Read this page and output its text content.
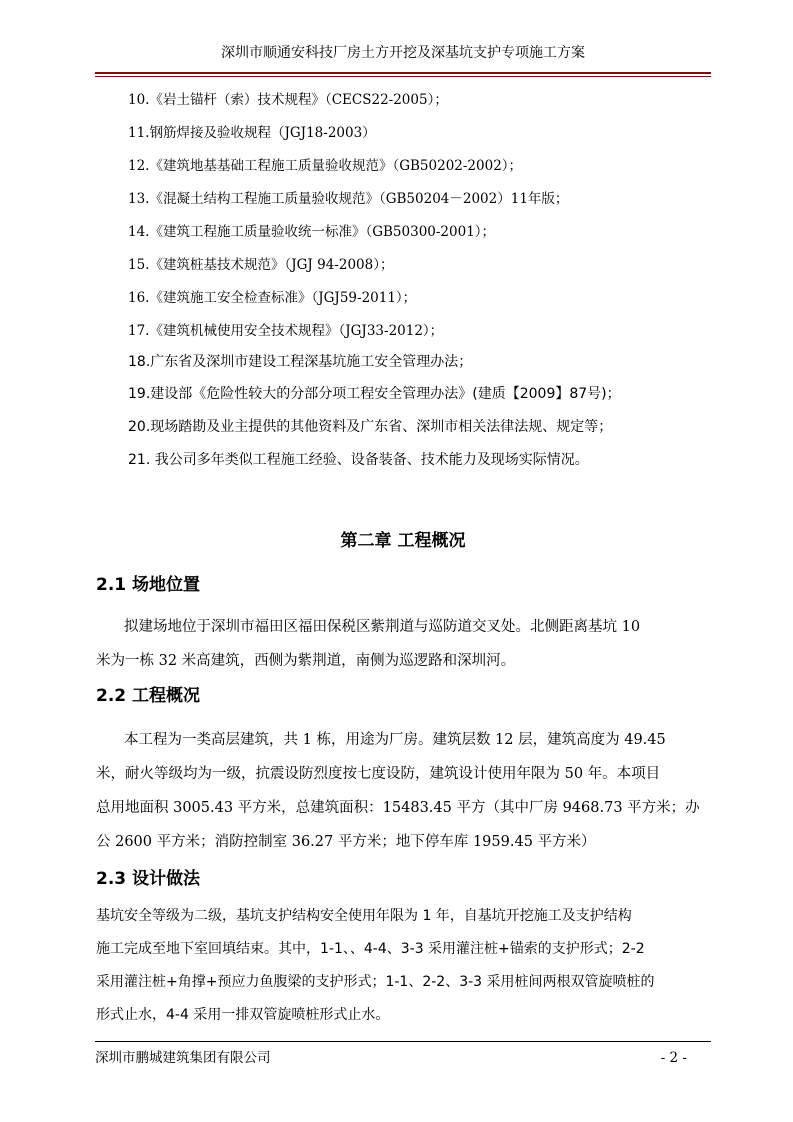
深圳市顺通安科技厂房土方开挖及深基坑支护专项施工方案
10.《岩土锚杆（索）技术规程》（CECS22-2005）；
11.钢筋焊接及验收规程（JGJ18-2003）
12.《建筑地基基础工程施工质量验收规范》（GB50202-2002）；
13.《混凝土结构工程施工质量验收规范》（GB50204－2002）11年版；
14.《建筑工程施工质量验收统一标准》（GB50300-2001）；
15.《建筑桩基技术规范》（JGJ 94-2008）；
16.《建筑施工安全检查标准》（JGJ59-2011）；
17.《建筑机械使用安全技术规程》（JGJ33-2012）；
18.广东省及深圳市建设工程深基坑施工安全管理办法；
19.建设部《危险性较大的分部分项工程安全管理办法》(建质【2009】87号)；
20.现场踏勘及业主提供的其他资料及广东省、深圳市相关法律法规、规定等；
21. 我公司多年类似工程施工经验、设备装备、技术能力及现场实际情况。
第二章 工程概况
2.1 场地位置
拟建场地位于深圳市福田区福田保税区紫荆道与巡防道交叉处。北侧距离基坑 10
米为一栋 32 米高建筑，西侧为紫荆道，南侧为巡逻路和深圳河。
2.2 工程概况
本工程为一类高层建筑，共 1 栋，用途为厂房。建筑层数 12 层，建筑高度为 49.45
米，耐火等级均为一级，抗震设防烈度按七度设防，建筑设计使用年限为 50 年。本项目
总用地面积 3005.43 平方米，总建筑面积：15483.45 平方（其中厂房 9468.73 平方米；办
公 2600 平方米；消防控制室 36.27 平方米；地下停车库 1959.45 平方米）
2.3 设计做法
基坑安全等级为二级，基坑支护结构安全使用年限为 1 年，自基坑开挖施工及支护结构
施工完成至地下室回填结束。其中，1-1、、4-4、3-3 采用灌注桩+锚索的支护形式；2-2
采用灌注桩+角撑+预应力鱼腹梁的支护形式；1-1、2-2、3-3 采用桩间两根双管旋喷桩的
形式止水，4-4 采用一排双管旋喷桩形式止水。
深圳市鹏城建筑集团有限公司	- 2 -
